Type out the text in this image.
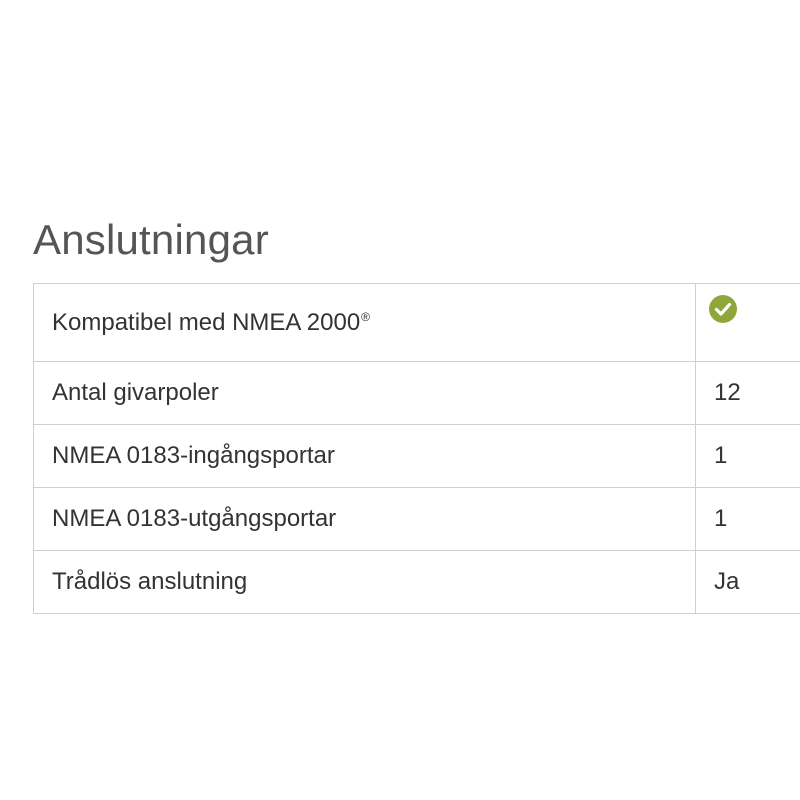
Anslutningar
Kompatibel med NMEA 2000®	

Antal givarpoler	12
NMEA 0183-ingångsportar	1
NMEA 0183-utgångsportar	1
Trådlös anslutning	Ja
